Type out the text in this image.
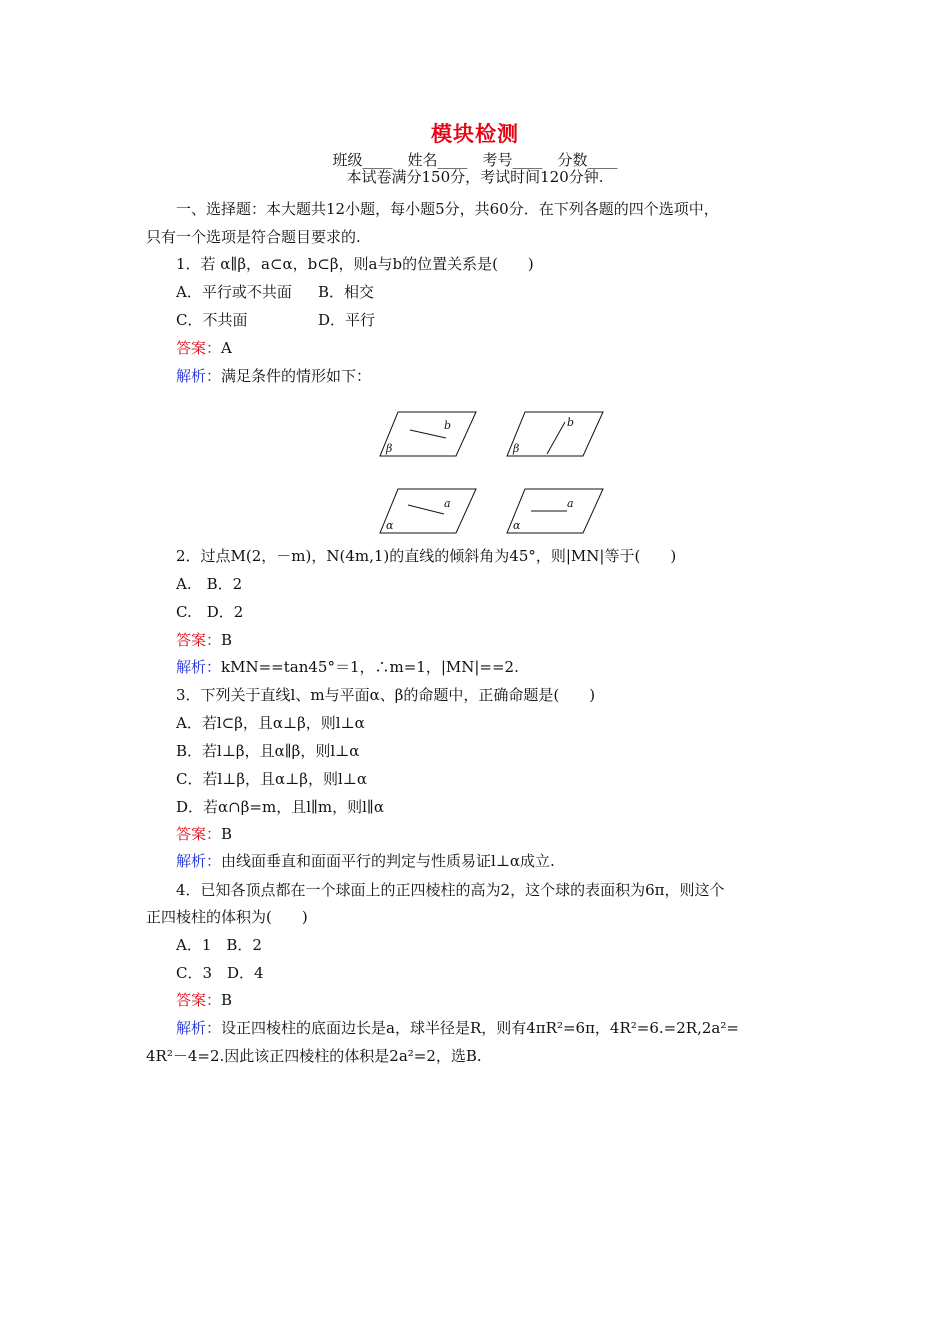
模块检测
班级____　姓名____　考号____　分数____
本试卷满分150分，考试时间120分钟.
一、选择题：本大题共12小题，每小题5分，共60分．在下列各题的四个选项中，
只有一个选项是符合题目要求的.
1．若 α∥β，a⊂α，b⊂β，则a与b的位置关系是(　　)
A．平行或不共面 B．相交
C．不共面	D．平行
答案：A
解析：满足条件的情形如下：
b
β
b
β
a
α
a
α
2．过点M(2，－m)，N(4m,1)的直线的倾斜角为45°，则|MN|等于(　　)
A.　B．2
C.　D．2
答案：B
解析：kMN==tan45°＝1，∴m=1，|MN|==2.
3．下列关于直线l、m与平面α、β的命题中，正确命题是(　　)
A．若l⊂β，且α⊥β，则l⊥α
B．若l⊥β，且α∥β，则l⊥α
C．若l⊥β，且α⊥β，则l⊥α
D．若α∩β=m，且l∥m，则l∥α
答案：B
解析：由线面垂直和面面平行的判定与性质易证l⊥α成立.
4．已知各顶点都在一个球面上的正四棱柱的高为2，这个球的表面积为6π，则这个
正四棱柱的体积为(　　)
A．1　B．2
C．3　D．4
答案：B
解析：设正四棱柱的底面边长是a，球半径是R，则有4πR²=6π，4R²=6.=2R,2a²=
4R²－4=2.因此该正四棱柱的体积是2a²=2，选B.
